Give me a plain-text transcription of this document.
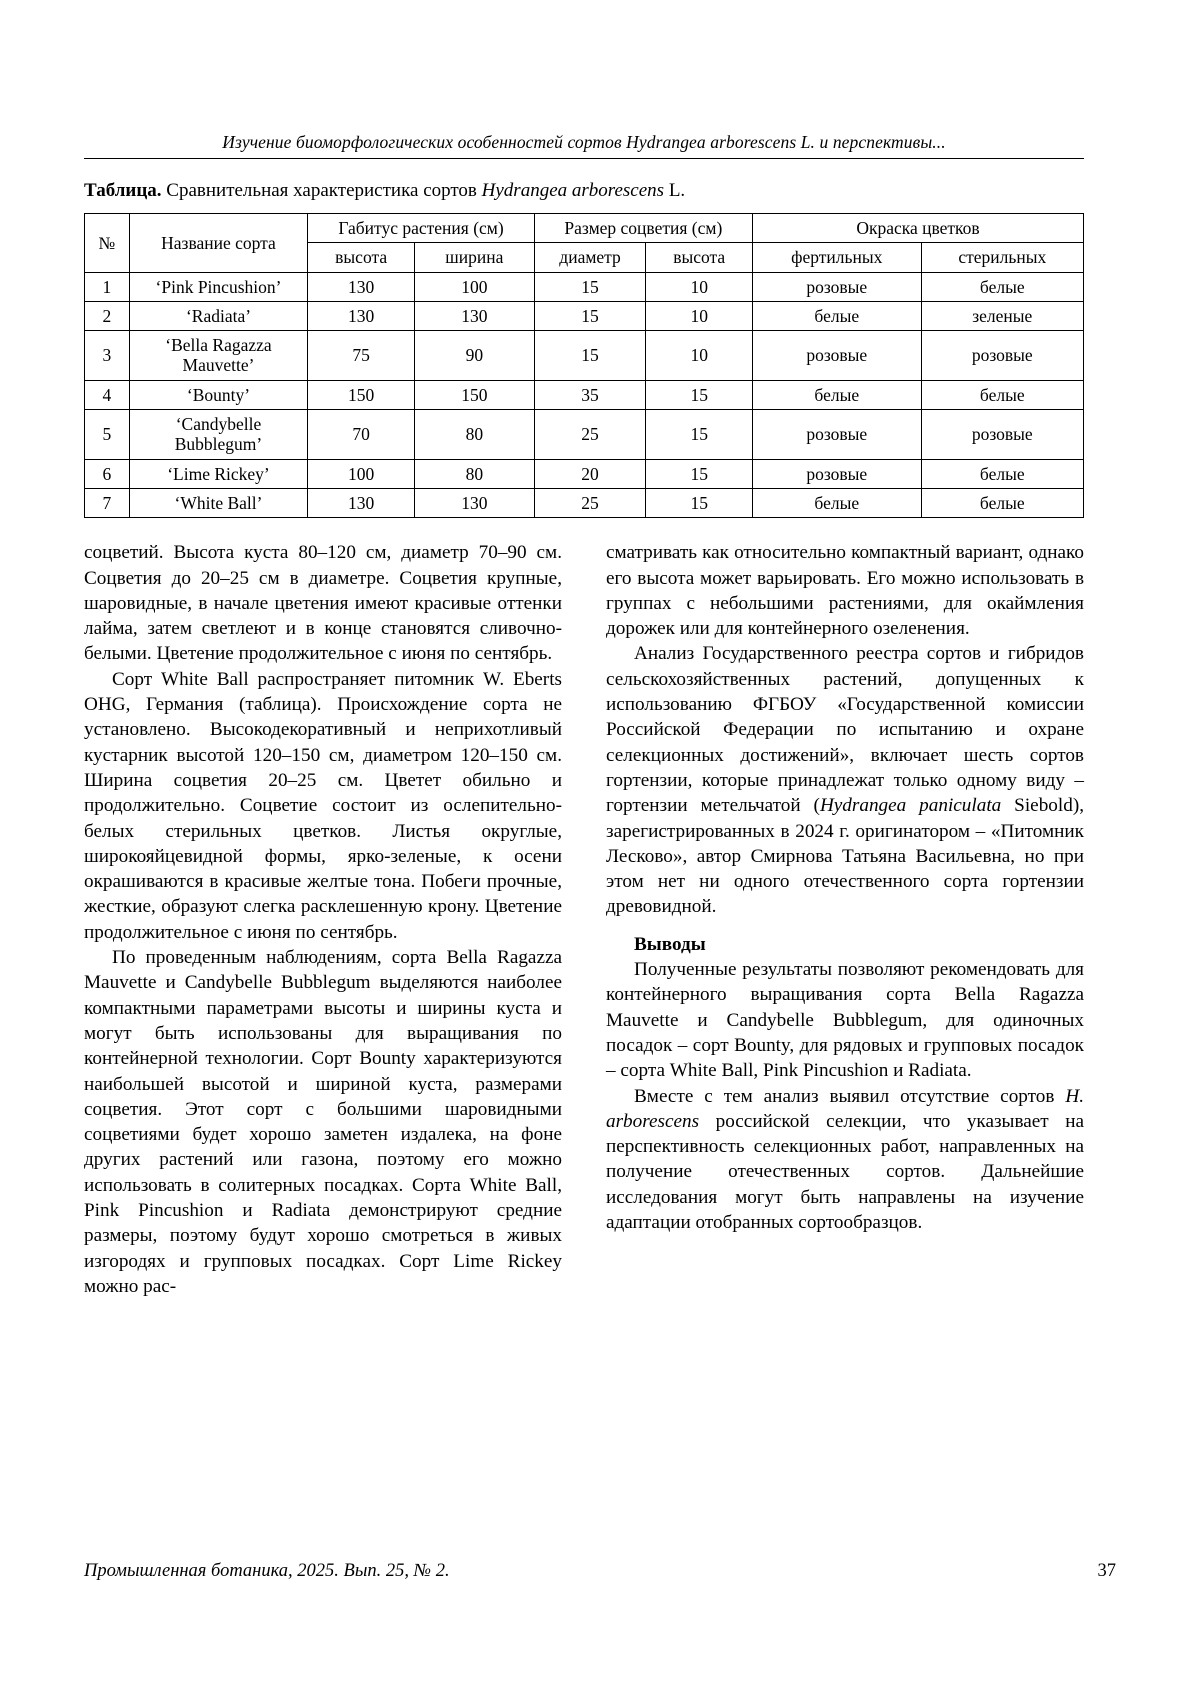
Изучение биоморфологических особенностей сортов Hydrangea arborescens L. и перспективы...
Таблица. Сравнительная характеристика сортов Hydrangea arborescens L.
№	Название сорта	Габитус растения (см)		Размер соцветия (см)		Окраска цветков	
		высота	ширина	диаметр	высота	фертильных	стерильных
1	‘Pink Pincushion’	130	100	15	10	розовые	белые
2	‘Radiata’	130	130	15	10	белые	зеленые
3	‘Bella Ragazza Mauvette’	75	90	15	10	розовые	розовые
4	‘Bounty’	150	150	35	15	белые	белые
5	‘Candybelle Bubblegum’	70	80	25	15	розовые	розовые
6	‘Lime Rickey’	100	80	20	15	розовые	белые
7	‘White Ball’	130	130	25	15	белые	белые

соцветий. Высота куста 80–120 см, диаметр 70–90 см. Соцветия до 20–25 см в диаметре. Соцветия крупные, шаровидные, в начале цветения имеют красивые оттенки лайма, затем светлеют и в конце становятся сливочно-белыми. Цветение продолжительное с июня по сентябрь.

Сорт White Ball распространяет питомник W. Eberts OHG, Германия (таблица). Происхождение сорта не установлено. Высокодекоративный и неприхотливый кустарник высотой 120–150 см, диаметром 120–150 см. Ширина соцветия 20–25 см. Цветет обильно и продолжительно. Соцветие состоит из ослепительно-белых стерильных цветков. Листья округлые, широкояйцевидной формы, ярко-зеленые, к осени окрашиваются в красивые желтые тона. Побеги прочные, жесткие, образуют слегка расклешенную крону. Цветение продолжительное с июня по сентябрь.

По проведенным наблюдениям, сорта Bella Ragazza Mauvette и Candybelle Bubblegum выделяются наиболее компактными параметрами высоты и ширины куста и могут быть использованы для выращивания по контейнерной технологии. Сорт Bounty характеризуются наибольшей высотой и шириной куста, размерами соцветия. Этот сорт с большими шаровидными соцветиями будет хорошо заметен издалека, на фоне других растений или газона, поэтому его можно использовать в солитерных посадках. Сорта White Ball, Pink Pincushion и Radiata демонстрируют средние размеры, поэтому будут хорошо смотреться в живых изгородях и групповых посадках. Сорт Lime Rickey можно рас-

сматривать как относительно компактный вариант, однако его высота может варьировать. Его можно использовать в группах с небольшими растениями, для окаймления дорожек или для контейнерного озеленения.

Анализ Государственного реестра сортов и гибридов сельскохозяйственных растений, допущенных к использованию ФГБОУ «Государственной комиссии Российской Федерации по испытанию и охране селекционных достижений», включает шесть сортов гортензии, которые принадлежат только одному виду – гортензии метельчатой (Hydrangea paniculata Siebold), зарегистрированных в 2024 г. оригинатором – «Питомник Лесково», автор Смирнова Татьяна Васильевна, но при этом нет ни одного отечественного сорта гортензии древовидной.

Выводы

Полученные результаты позволяют рекомендовать для контейнерного выращивания сорта Bella Ragazza Mauvette и Candybelle Bubblegum, для одиночных посадок – сорт Bounty, для рядовых и групповых посадок – сорта White Ball, Pink Pincushion и Radiata.

Вместе с тем анализ выявил отсутствие сортов H. arborescens российской селекции, что указывает на перспективность селекционных работ, направленных на получение отечественных сортов. Дальнейшие исследования могут быть направлены на изучение адаптации отобранных сортообразцов.

Промышленная ботаника, 2025. Вып. 25, № 2.	37
